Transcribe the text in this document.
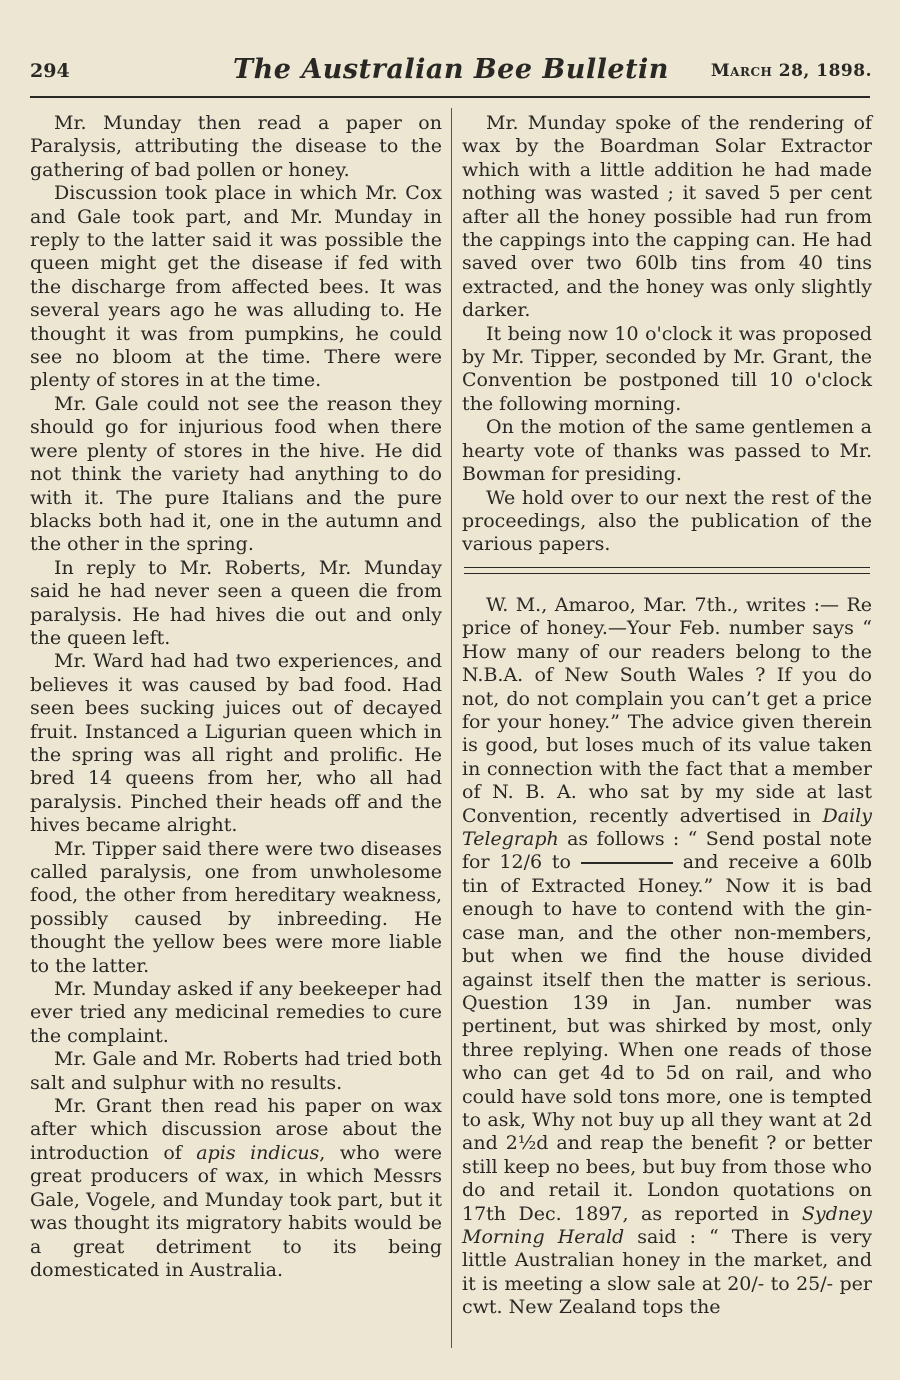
294	The Australian Bee Bulletin	March 28, 1898.

Mr. Munday then read a paper on Paralysis, attributing the disease to the gathering of bad pollen or honey.

Discussion took place in which Mr. Cox and Gale took part, and Mr. Munday in reply to the latter said it was possible the queen might get the disease if fed with the discharge from affected bees. It was several years ago he was alluding to. He thought it was from pumpkins, he could see no bloom at the time. There were plenty of stores in at the time.

Mr. Gale could not see the reason they should go for injurious food when there were plenty of stores in the hive. He did not think the variety had anything to do with it. The pure Italians and the pure blacks both had it, one in the autumn and the other in the spring.

In reply to Mr. Roberts, Mr. Munday said he had never seen a queen die from paralysis. He had hives die out and only the queen left.

Mr. Ward had had two experiences, and believes it was caused by bad food. Had seen bees sucking juices out of decayed fruit. Instanced a Ligurian queen which in the spring was all right and prolific. He bred 14 queens from her, who all had paralysis. Pinched their heads off and the hives became alright.

Mr. Tipper said there were two diseases called paralysis, one from unwholesome food, the other from hereditary weakness, possibly caused by inbreeding. He thought the yellow bees were more liable to the latter.

Mr. Munday asked if any beekeeper had ever tried any medicinal remedies to cure the complaint.

Mr. Gale and Mr. Roberts had tried both salt and sulphur with no results.

Mr. Grant then read his paper on wax after which discussion arose about the introduction of apis indicus, who were great producers of wax, in which Messrs Gale, Vogele, and Munday took part, but it was thought its migratory habits would be a great detriment to its being domesticated in Australia.

Mr. Munday spoke of the rendering of wax by the Boardman Solar Extractor which with a little addition he had made nothing was wasted ; it saved 5 per cent after all the honey possible had run from the cappings into the capping can. He had saved over two 60lb tins from 40 tins extracted, and the honey was only slightly darker.

It being now 10 o'clock it was proposed by Mr. Tipper, seconded by Mr. Grant, the Convention be postponed till 10 o'clock the following morning.

On the motion of the same gentlemen a hearty vote of thanks was passed to Mr. Bowman for presiding.

We hold over to our next the rest of the proceedings, also the publication of the various papers.

W. M., Amaroo, Mar. 7th., writes :— Re price of honey.—Your Feb. number says “ How many of our readers belong to the N.B.A. of New South Wales ? If you do not, do not complain you can’t get a price for your honey.” The advice given therein is good, but loses much of its value taken in connection with the fact that a member of N. B. A. who sat by my side at last Convention, recently advertised in Daily Telegraph as follows : “ Send postal note for 12/6 to	and receive a 60lb tin of Extracted Honey.” Now it is bad enough to have to contend with the gin-case man, and the other non-members, but when we find the house divided against itself then the matter is serious. Question 139 in Jan. number was pertinent, but was shirked by most, only three replying. When one reads of those who can get 4d to 5d on rail, and who could have sold tons more, one is tempted to ask, Why not buy up all they want at 2d and 2½d and reap the benefit ? or better still keep no bees, but buy from those who do and retail it. London quotations on 17th Dec. 1897, as reported in Sydney Morning Herald said : “ There is very little Australian honey in the market, and it is meeting a slow sale at 20/- to 25/- per cwt. New Zealand tops the
